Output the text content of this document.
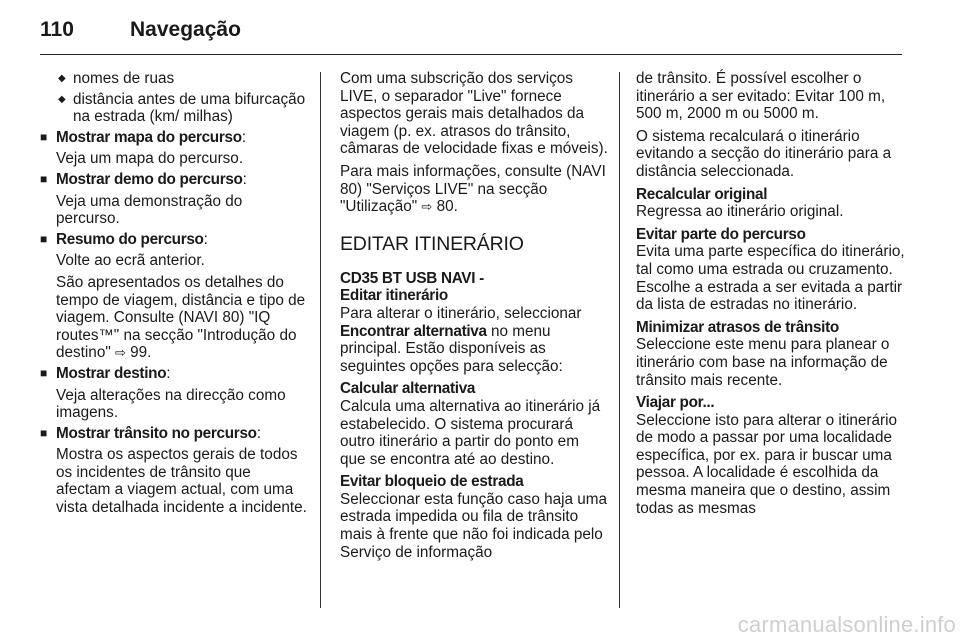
110	Navegação
◆ nomes de ruas
◆ distância antes de uma bifurcação na estrada (km/ milhas)
■ Mostrar mapa do percurso:

Veja um mapa do percurso.

■ Mostrar demo do percurso:

Veja uma demonstração do percurso.

■ Resumo do percurso:

Volte ao ecrã anterior.

São apresentados os detalhes do tempo de viagem, distância e tipo de viagem. Consulte (NAVI 80) "IQ routes™" na secção "Introdução do destino" ⇨ 99.

■ Mostrar destino:

Veja alterações na direcção como imagens.

■ Mostrar trânsito no percurso:

Mostra os aspectos gerais de todos os incidentes de trânsito que afectam a viagem actual, com uma vista detalhada incidente a incidente.

Com uma subscrição dos serviços LIVE, o separador "Live" fornece aspectos gerais mais detalhados da viagem (p. ex. atrasos do trânsito, câmaras de velocidade fixas e móveis).

Para mais informações, consulte (NAVI 80) "Serviços LIVE" na secção "Utilização" ⇨ 80.

EDITAR ITINERÁRIO

CD35 BT USB NAVI -

Editar itinerário

Para alterar o itinerário, seleccionar Encontrar alternativa no menu principal. Estão disponíveis as seguintes opções para selecção:

Calcular alternativa

Calcula uma alternativa ao itinerário já estabelecido. O sistema procurará outro itinerário a partir do ponto em que se encontra até ao destino.

Evitar bloqueio de estrada

Seleccionar esta função caso haja uma estrada impedida ou fila de trânsito mais à frente que não foi indicada pelo Serviço de informação

de trânsito. É possível escolher o itinerário a ser evitado: Evitar 100 m, 500 m, 2000 m ou 5000 m.

O sistema recalculará o itinerário evitando a secção do itinerário para a distância seleccionada.

Recalcular original

Regressa ao itinerário original.

Evitar parte do percurso

Evita uma parte específica do itinerário, tal como uma estrada ou cruzamento. Escolhe a estrada a ser evitada a partir da lista de estradas no itinerário.

Minimizar atrasos de trânsito

Seleccione este menu para planear o itinerário com base na informação de trânsito mais recente.

Viajar por...

Seleccione isto para alterar o itinerário de modo a passar por uma localidade específica, por ex. para ir buscar uma pessoa. A localidade é escolhida da mesma maneira que o destino, assim todas as mesmas

carmanualsonline.info
